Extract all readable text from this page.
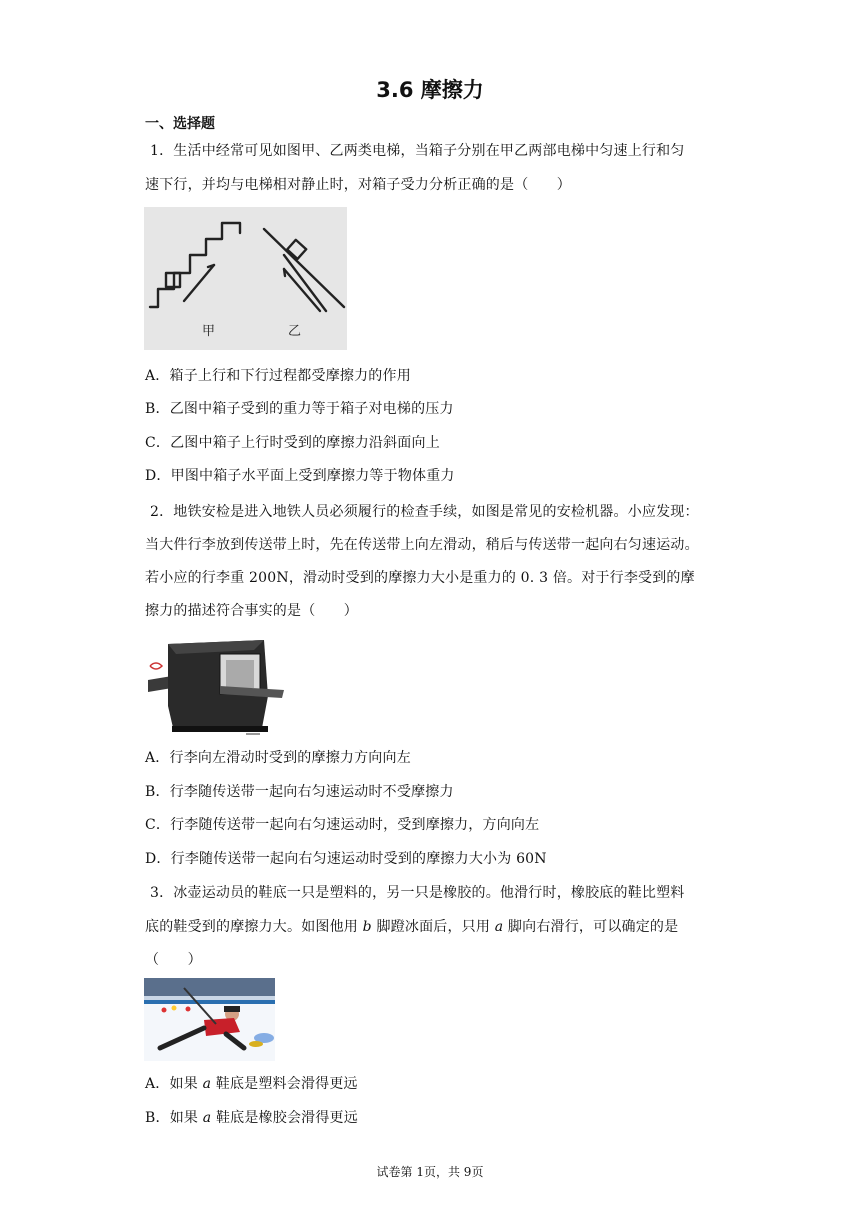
3.6 摩擦力
一、选择题
1．生活中经常可见如图甲、乙两类电梯，当箱子分别在甲乙两部电梯中匀速上行和匀
速下行，并均与电梯相对静止时，对箱子受力分析正确的是（　　）
甲	乙
A．箱子上行和下行过程都受摩擦力的作用
B．乙图中箱子受到的重力等于箱子对电梯的压力
C．乙图中箱子上行时受到的摩擦力沿斜面向上
D．甲图中箱子水平面上受到摩擦力等于物体重力
2．地铁安检是进入地铁人员必须履行的检查手续，如图是常见的安检机器。小应发现：
当大件行李放到传送带上时，先在传送带上向左滑动，稍后与传送带一起向右匀速运动。
若小应的行李重 200N，滑动时受到的摩擦力大小是重力的 0. 3 倍。对于行李受到的摩
擦力的描述符合事实的是（　　）
A．行李向左滑动时受到的摩擦力方向向左
B．行李随传送带一起向右匀速运动时不受摩擦力
C．行李随传送带一起向右匀速运动时，受到摩擦力，方向向左
D．行李随传送带一起向右匀速运动时受到的摩擦力大小为 60N
3．冰壶运动员的鞋底一只是塑料的，另一只是橡胶的。他滑行时，橡胶底的鞋比塑料
底的鞋受到的摩擦力大。如图他用 b 脚蹬冰面后，只用 a 脚向右滑行，可以确定的是
（　　）
A．如果 a 鞋底是塑料会滑得更远
B．如果 a 鞋底是橡胶会滑得更远
试卷第 1页，共 9页
